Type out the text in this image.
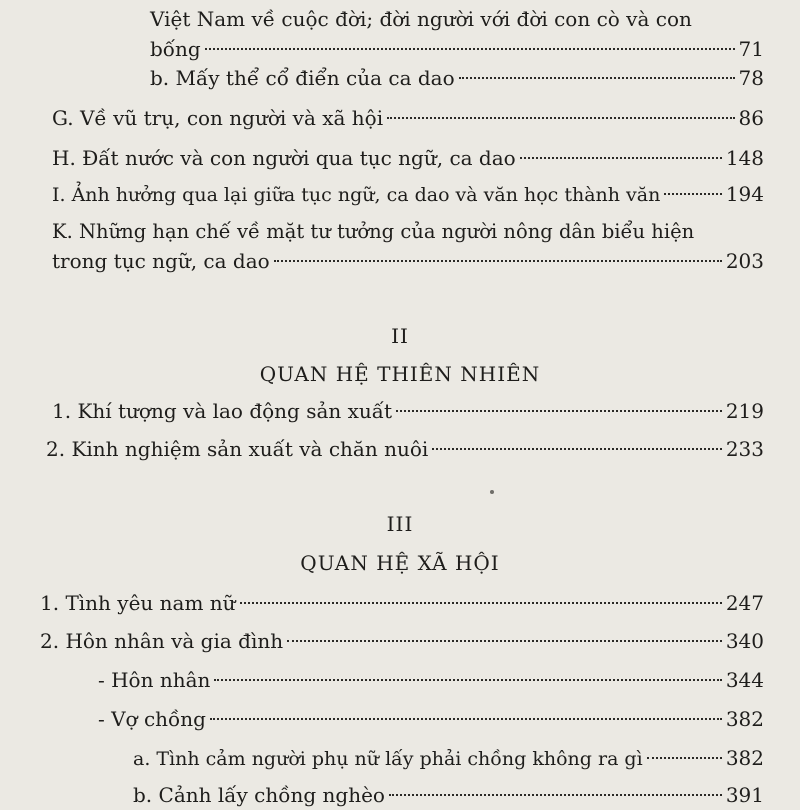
Việt Nam về cuộc đời; đời người với đời con cò và con
bống	71
b. Mấy thể cổ điển của ca dao	78
G. Về vũ trụ, con người và xã hội	86
H. Đất nước và con người qua tục ngữ, ca dao	148
I. Ảnh hưởng qua lại giữa tục ngữ, ca dao và văn học thành văn	194
K. Những hạn chế về mặt tư tưởng của người nông dân biểu hiện
trong tục ngữ, ca dao	203
II
QUAN HỆ THIÊN NHIÊN
1. Khí tượng và lao động sản xuất	219
2. Kinh nghiệm sản xuất và chăn nuôi	233
III
QUAN HỆ XÃ HỘI
1. Tình yêu nam nữ	247
2. Hôn nhân và gia đình	340
- Hôn nhân	344
- Vợ chồng	382
a. Tình cảm người phụ nữ lấy phải chồng không ra gì	382
b. Cảnh lấy chồng nghèo	391
